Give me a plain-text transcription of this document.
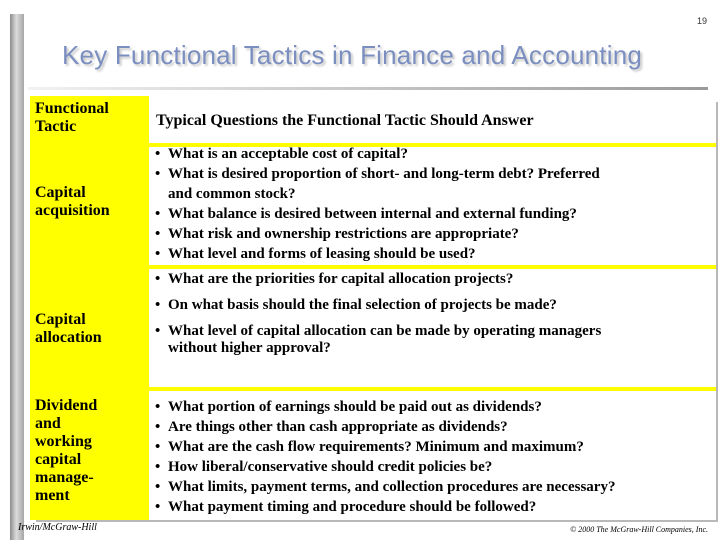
19
Key Functional Tactics in Finance and Accounting
Functional Tactic	Typical Questions the Functional Tactic Should Answer
Capital acquisition
• What is an acceptable cost of capital?
• What is desired proportion of short- and long-term debt? Preferred
and common stock?
• What balance is desired between internal and external funding?
• What risk and ownership restrictions are appropriate?
• What level and forms of leasing should be used?
Capital allocation
• What are the priorities for capital allocation projects?
• On what basis should the final selection of projects be made?
• What level of capital allocation can be made by operating managers
without higher approval?
Dividend
and
working
capital
manage-
ment
• What portion of earnings should be paid out as dividends?
• Are things other than cash appropriate as dividends?
• What are the cash flow requirements? Minimum and maximum?
• How liberal/conservative should credit policies be?
• What limits, payment terms, and collection procedures are necessary?
• What payment timing and procedure should be followed?
Irwin/McGraw-Hill	© 2000 The McGraw-Hill Companies, Inc.
